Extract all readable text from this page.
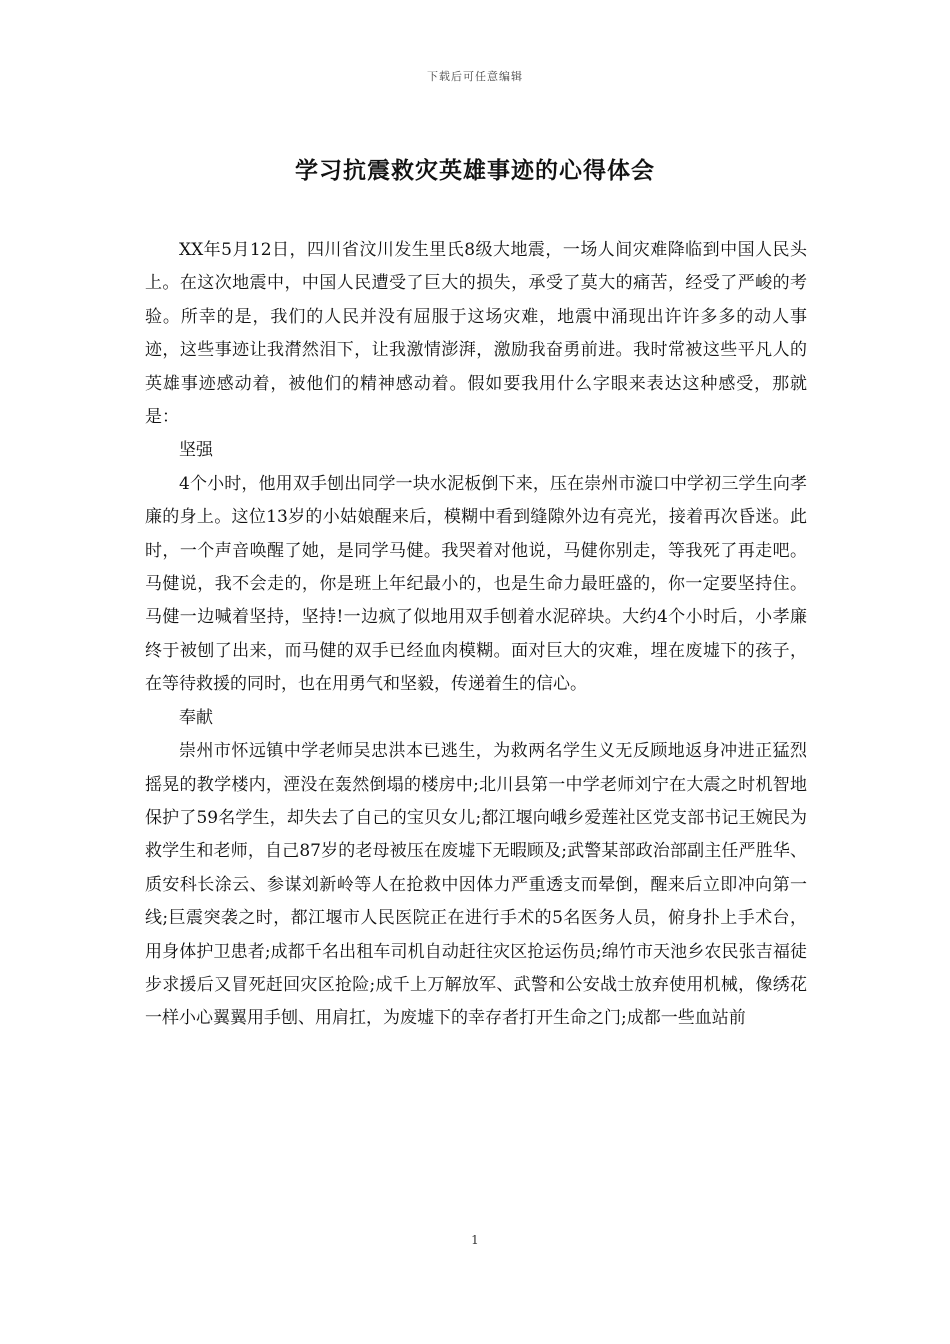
下载后可任意编辑
学习抗震救灾英雄事迹的心得体会

XX年5月12日，四川省汶川发生里氏8级大地震，一场人间灾难降临到中国人民头上。在这次地震中，中国人民遭受了巨大的损失，承受了莫大的痛苦，经受了严峻的考验。所幸的是，我们的人民并没有屈服于这场灾难，地震中涌现出许许多多的动人事迹，这些事迹让我潸然泪下，让我激情澎湃，激励我奋勇前进。我时常被这些平凡人的英雄事迹感动着，被他们的精神感动着。假如要我用什么字眼来表达这种感受，那就是：

坚强

4个小时，他用双手刨出同学一块水泥板倒下来，压在崇州市漩口中学初三学生向孝廉的身上。这位13岁的小姑娘醒来后，模糊中看到缝隙外边有亮光，接着再次昏迷。此时，一个声音唤醒了她，是同学马健。我哭着对他说，马健你别走，等我死了再走吧。马健说，我不会走的，你是班上年纪最小的，也是生命力最旺盛的，你一定要坚持住。马健一边喊着坚持，坚持!一边疯了似地用双手刨着水泥碎块。大约4个小时后，小孝廉终于被刨了出来，而马健的双手已经血肉模糊。面对巨大的灾难，埋在废墟下的孩子，在等待救援的同时，也在用勇气和坚毅，传递着生的信心。

奉献

崇州市怀远镇中学老师吴忠洪本已逃生，为救两名学生义无反顾地返身冲进正猛烈摇晃的教学楼内，湮没在轰然倒塌的楼房中;北川县第一中学老师刘宁在大震之时机智地保护了59名学生，却失去了自己的宝贝女儿;都江堰向峨乡爱莲社区党支部书记王婉民为救学生和老师，自己87岁的老母被压在废墟下无暇顾及;武警某部政治部副主任严胜华、质安科长涂云、参谋刘新岭等人在抢救中因体力严重透支而晕倒，醒来后立即冲向第一线;巨震突袭之时，都江堰市人民医院正在进行手术的5名医务人员，俯身扑上手术台，用身体护卫患者;成都千名出租车司机自动赶往灾区抢运伤员;绵竹市天池乡农民张吉福徒步求援后又冒死赶回灾区抢险;成千上万解放军、武警和公安战士放弃使用机械，像绣花一样小心翼翼用手刨、用肩扛，为废墟下的幸存者打开生命之门;成都一些血站前

1
